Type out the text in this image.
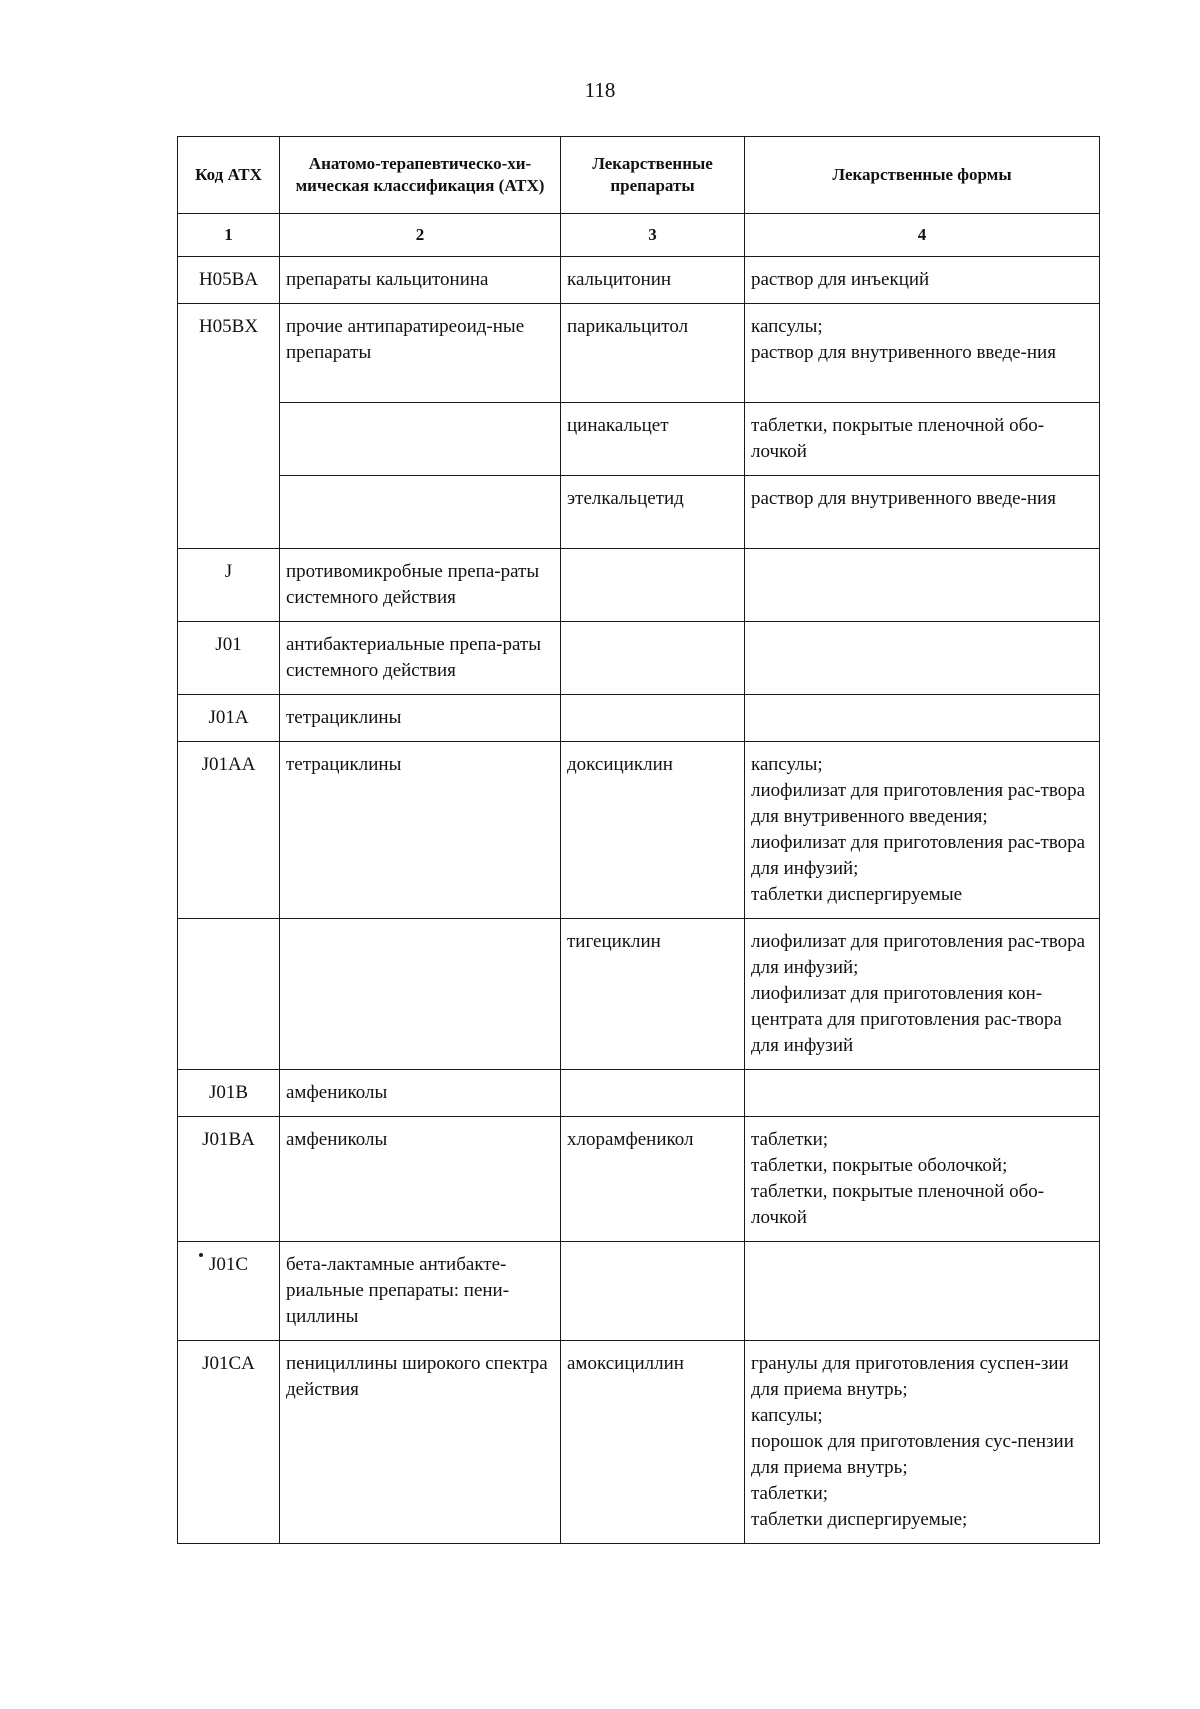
118
Код АТХ	Анатомо-терапевтическо-хи-мическая классификация (АТХ)	Лекарственные препараты	Лекарственные формы
1	2	3	4
H05BA	препараты кальцитонина	кальцитонин	раствор для инъекций

H05BX	прочие антипаратиреоид-ные препараты	парикальцитол	капсулы;
раствор для внутривенного введе-ния

		цинакальцет	таблетки, покрытые пленочной обо-лочкой

		этелкальцетид	раствор для внутривенного введе-ния

J	противомикробные препа-раты системного действия		
J01	антибактериальные препа-раты системного действия		
J01A	тетрациклины		
J01AA	тетрациклины	доксициклин	капсулы;
лиофилизат для приготовления рас-твора для внутривенного введения;
лиофилизат для приготовления рас-твора для инфузий;
таблетки диспергируемые

		тигециклин	лиофилизат для приготовления рас-твора для инфузий;
лиофилизат для приготовления кон-центрата для приготовления рас-твора для инфузий

J01B	амфениколы		
J01BA	амфениколы	хлорамфеникол	таблетки;
таблетки, покрытые оболочкой;
таблетки, покрытые пленочной обо-лочкой

J01C	бета-лактамные антибакте-риальные препараты: пени-циллины		
J01CA	пенициллины широкого спектра действия	амоксициллин	гранулы для приготовления суспен-зии для приема внутрь;
капсулы;
порошок для приготовления сус-пензии для приема внутрь;
таблетки;
таблетки диспергируемые;
